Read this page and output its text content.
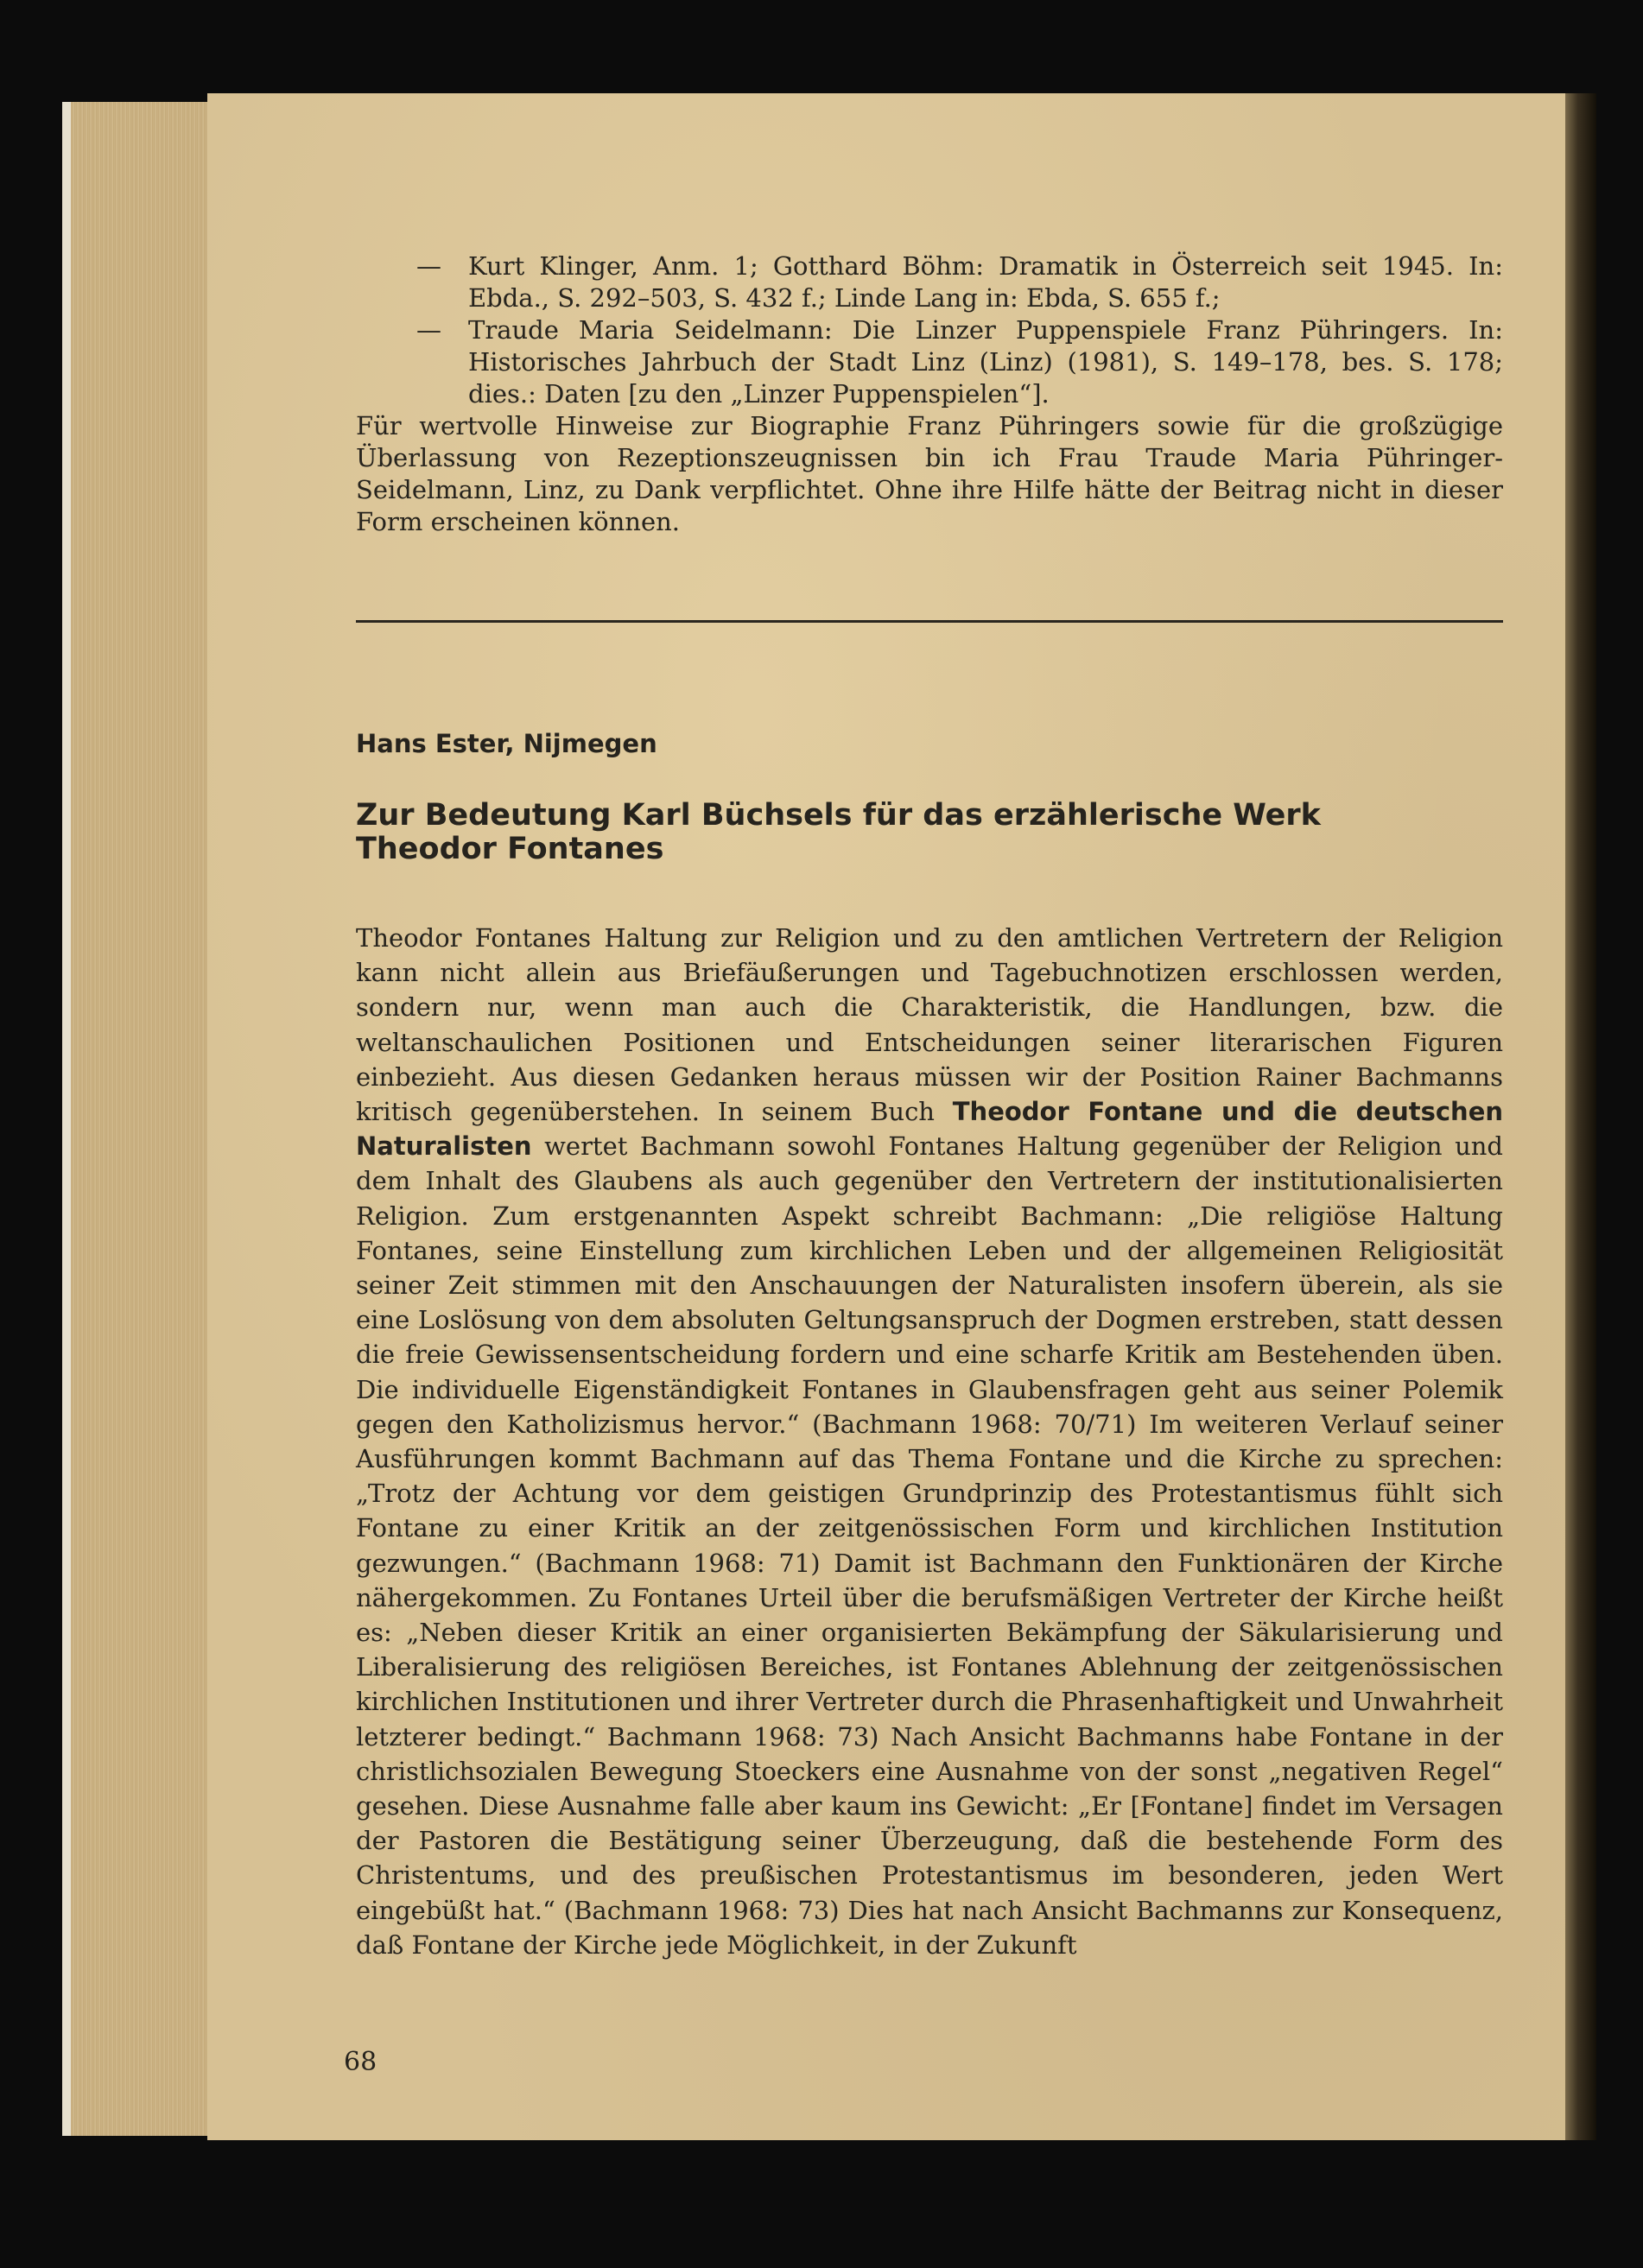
— Kurt Klinger, Anm. 1; Gotthard Böhm: Dramatik in Österreich seit 1945. In: Ebda., S. 292–503, S. 432 f.; Linde Lang in: Ebda, S. 655 f.;
— Traude Maria Seidelmann: Die Linzer Puppenspiele Franz Pühringers. In: Historisches Jahrbuch der Stadt Linz (Linz) (1981), S. 149–178, bes. S. 178; dies.: Daten [zu den „Linzer Puppenspielen“].

Für wertvolle Hinweise zur Biographie Franz Pühringers sowie für die großzügige Überlassung von Rezeptionszeugnissen bin ich Frau Traude Maria Pühringer-Seidelmann, Linz, zu Dank verpflichtet. Ohne ihre Hilfe hätte der Beitrag nicht in dieser Form erscheinen können.

Hans Ester, Nijmegen

Zur Bedeutung Karl Büchsels für das erzählerische Werk
Theodor Fontanes

Theodor Fontanes Haltung zur Religion und zu den amtlichen Vertretern der Religion kann nicht allein aus Briefäußerungen und Tagebuchnotizen erschlossen werden, sondern nur, wenn man auch die Charakteristik, die Handlungen, bzw. die weltanschaulichen Positionen und Entscheidungen seiner literarischen Figuren einbezieht. Aus diesen Gedanken heraus müssen wir der Position Rainer Bachmanns kritisch gegenüberstehen. In seinem Buch Theodor Fontane und die deutschen Naturalisten wertet Bachmann sowohl Fontanes Haltung gegenüber der Religion und dem Inhalt des Glaubens als auch gegenüber den Vertretern der institutionalisierten Religion. Zum erstgenannten Aspekt schreibt Bachmann: „Die religiöse Haltung Fontanes, seine Einstellung zum kirchlichen Leben und der allgemeinen Religiosität seiner Zeit stimmen mit den Anschauungen der Naturalisten insofern überein, als sie eine Loslösung von dem absoluten Geltungsanspruch der Dogmen erstreben, statt dessen die freie Gewissensentscheidung fordern und eine scharfe Kritik am Bestehenden üben. Die individuelle Eigenständigkeit Fontanes in Glaubensfragen geht aus seiner Polemik gegen den Katholizismus hervor.“ (Bachmann 1968: 70/71) Im weiteren Verlauf seiner Ausführungen kommt Bachmann auf das Thema Fontane und die Kirche zu sprechen: „Trotz der Achtung vor dem geistigen Grundprinzip des Protestantismus fühlt sich Fontane zu einer Kritik an der zeitgenössischen Form und kirchlichen Institution gezwungen.“ (Bachmann 1968: 71) Damit ist Bachmann den Funktionären der Kirche nähergekommen. Zu Fontanes Urteil über die berufsmäßigen Vertreter der Kirche heißt es: „Neben dieser Kritik an einer organisierten Bekämpfung der Säkularisierung und Liberalisierung des religiösen Bereiches, ist Fontanes Ablehnung der zeitgenössischen kirchlichen Institutionen und ihrer Vertreter durch die Phrasenhaftigkeit und Unwahrheit letzterer bedingt.“ Bachmann 1968: 73) Nach Ansicht Bachmanns habe Fontane in der christlichsozialen Bewegung Stoeckers eine Ausnahme von der sonst „negativen Regel“ gesehen. Diese Ausnahme falle aber kaum ins Gewicht: „Er [Fontane] findet im Versagen der Pastoren die Bestätigung seiner Überzeugung, daß die bestehende Form des Christentums, und des preußischen Protestantismus im besonderen, jeden Wert eingebüßt hat.“ (Bachmann 1968: 73) Dies hat nach Ansicht Bachmanns zur Konsequenz, daß Fontane der Kirche jede Möglichkeit, in der Zukunft

68
